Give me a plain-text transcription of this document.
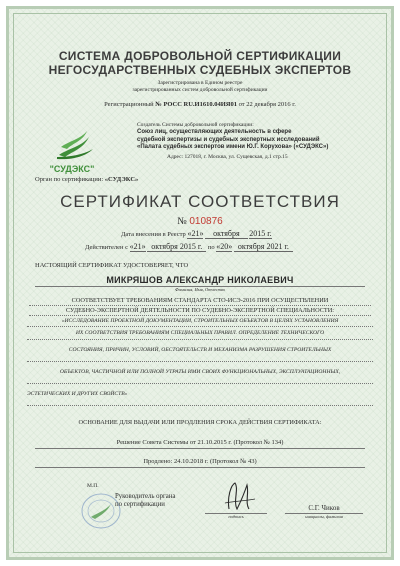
СИСТЕМА ДОБРОВОЛЬНОЙ СЕРТИФИКАЦИИ
НЕГОСУДАРСТВЕННЫХ СУДЕБНЫХ ЭКСПЕРТОВ
Зарегистрирована в Едином реестре
зарегистрированных систем добровольной сертификации
Регистрационный № РОСС RU.И1610.04ИЯ01 от 22 декабря 2016 г.
"СУДЭКС"
Создатель Системы добровольной сертификации:
Союз лиц, осуществляющих деятельность в сфере
судебной экспертизы и судебных экспертных исследований
«Палата судебных экспертов имени Ю.Г. Корухова» («СУДЭКС»)
Адрес: 127018, г. Москва, ул. Сущевская, д.1 стр.15
Орган по сертификации: «СУДЭКС»
СЕРТИФИКАТ СООТВЕТСТВИЯ
№ 010876
Дата внесения в Реестр «21» октября 2015 г.
Действителен с «21» октября 2015 г. по «20» октября 2021 г.
НАСТОЯЩИЙ СЕРТИФИКАТ УДОСТОВЕРЯЕТ, ЧТО
МИКРЯШОВ АЛЕКСАНДР НИКОЛАЕВИЧ
Фамилия, Имя, Отчество
СООТВЕТСТВУЕТ ТРЕБОВАНИЯМ СТАНДАРТА СТО-ИСЭ-2016 ПРИ ОСУЩЕСТВЛЕНИИ
СУДЕБНО-ЭКСПЕРТНОЙ ДЕЯТЕЛЬНОСТИ ПО СУДЕБНО-ЭКСПЕРТНОЙ СПЕЦИАЛЬНОСТИ:
«ИССЛЕДОВАНИЕ ПРОЕКТНОЙ ДОКУМЕНТАЦИИ, СТРОИТЕЛЬНЫХ ОБЪЕКТОВ В ЦЕЛЯХ УСТАНОВЛЕНИЯ
ИХ СООТВЕТСТВИЯ ТРЕБОВАНИЯМ СПЕЦИАЛЬНЫХ ПРАВИЛ. ОПРЕДЕЛЕНИЕ ТЕХНИЧЕСКОГО
СОСТОЯНИЯ, ПРИЧИН, УСЛОВИЙ, ОБСТОЯТЕЛЬСТВ И МЕХАНИЗМА РАЗРУШЕНИЯ СТРОИТЕЛЬНЫХ
ОБЪЕКТОВ, ЧАСТИЧНОЙ ИЛИ ПОЛНОЙ УТРАТЫ ИМИ СВОИХ ФУНКЦИОНАЛЬНЫХ, ЭКСПЛУАТАЦИОННЫХ,
ЭСТЕТИЧЕСКИХ И ДРУГИХ СВОЙСТВ»
ОСНОВАНИЕ ДЛЯ ВЫДАЧИ ИЛИ ПРОДЛЕНИЯ СРОКА ДЕЙСТВИЯ СЕРТИФИКАТА:
Решение Совета Системы от 21.10.2015 г. (Протокол № 134)
Продлено: 24.10.2018 г. (Протокол № 43)
М.П.
Руководитель органа
по сертификации
подпись
С.Г. Чиков
инициалы, фамилия
